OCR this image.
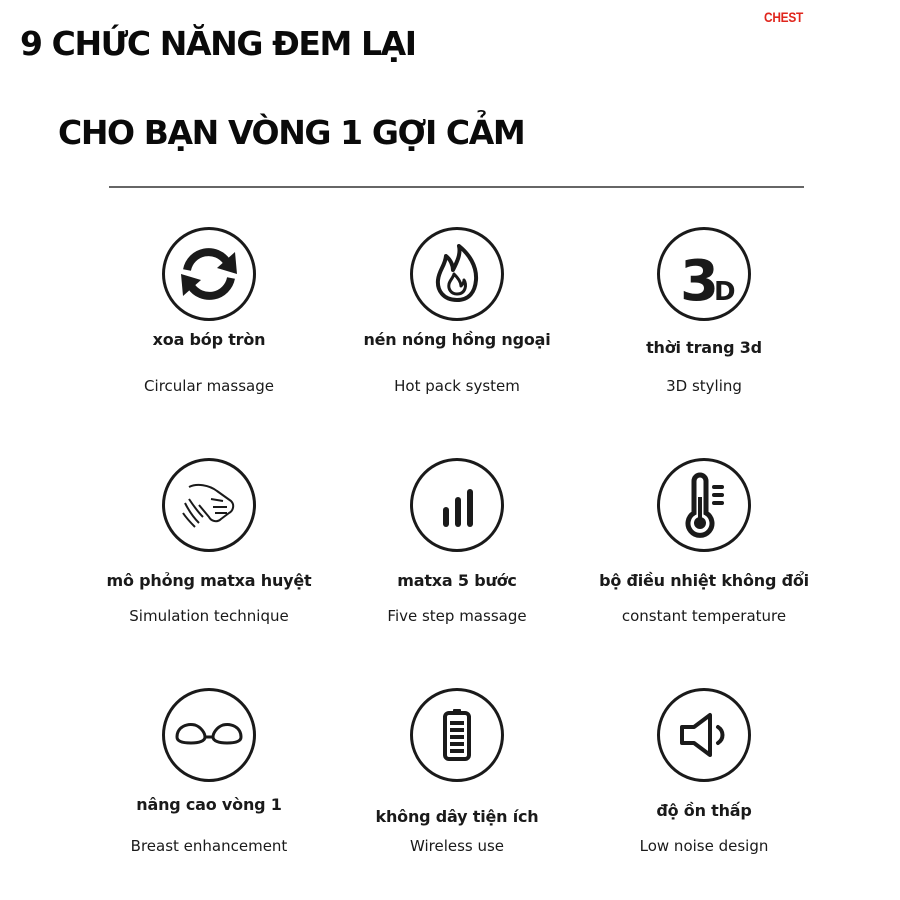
CHEST
9 CHỨC NĂNG ĐEM LẠI
CHO BẠN VÒNG 1 GỢI CẢM
xoa bóp tròn
Circular massage
nén nóng hồng ngoại
Hot pack system
3
D
thời trang 3d
3D styling
mô phỏng matxa huyệt
Simulation technique
matxa 5 bước
Five step massage
bộ điều nhiệt không đổi
constant temperature
nâng cao vòng 1
Breast enhancement
không dây tiện ích
Wireless use
độ ồn thấp
Low noise design
